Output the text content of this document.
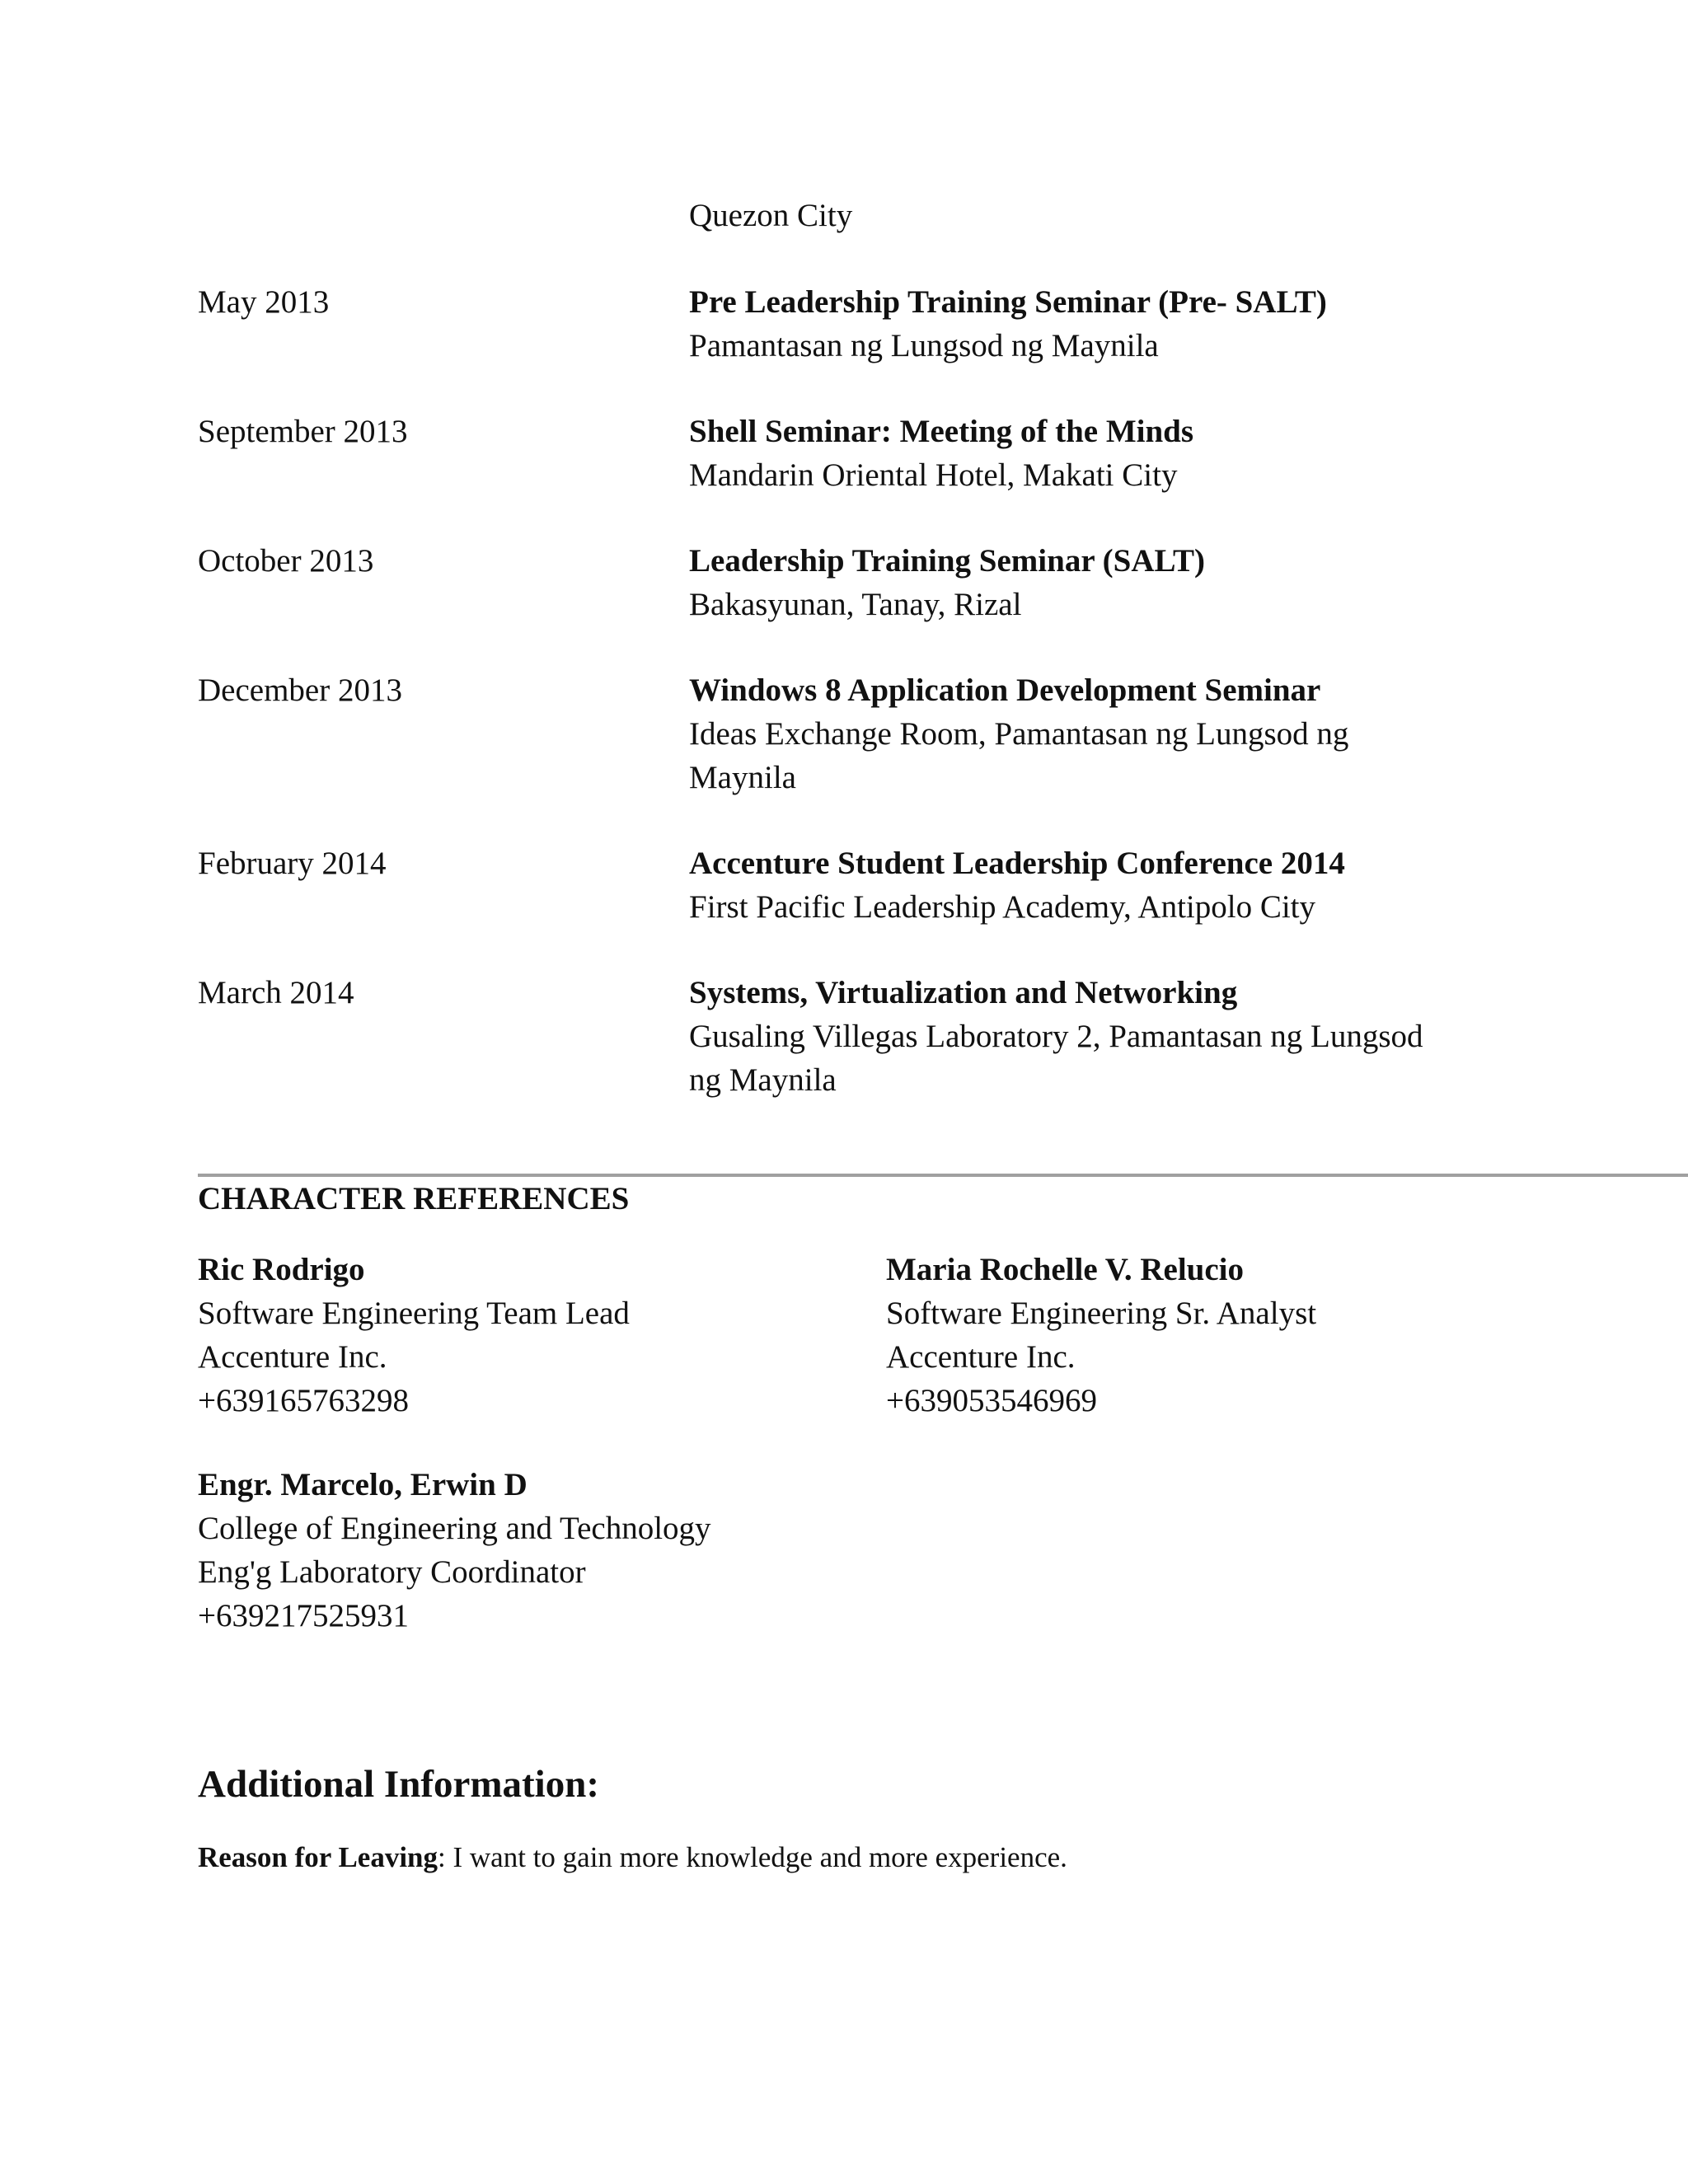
Quezon City
May 2013	Pre Leadership Training Seminar (Pre- SALT)
Pamantasan ng Lungsod ng Maynila
September 2013	Shell Seminar: Meeting of the Minds
Mandarin Oriental Hotel, Makati City
October 2013	Leadership Training Seminar (SALT)
Bakasyunan, Tanay, Rizal
December 2013	Windows 8 Application Development Seminar
Ideas Exchange Room, Pamantasan ng Lungsod ng
Maynila
February 2014	Accenture Student Leadership Conference 2014
First Pacific Leadership Academy, Antipolo City
March 2014	Systems, Virtualization and Networking
Gusaling Villegas Laboratory 2, Pamantasan ng Lungsod
ng Maynila
CHARACTER REFERENCES
Ric Rodrigo
Software Engineering Team Lead
Accenture Inc.
+639165763298
Maria Rochelle V. Relucio
Software Engineering Sr. Analyst
Accenture Inc.
+639053546969
Engr. Marcelo, Erwin D
College of Engineering and Technology
Eng'g Laboratory Coordinator
+639217525931
Additional Information:
Reason for Leaving: I want to gain more knowledge and more experience.
